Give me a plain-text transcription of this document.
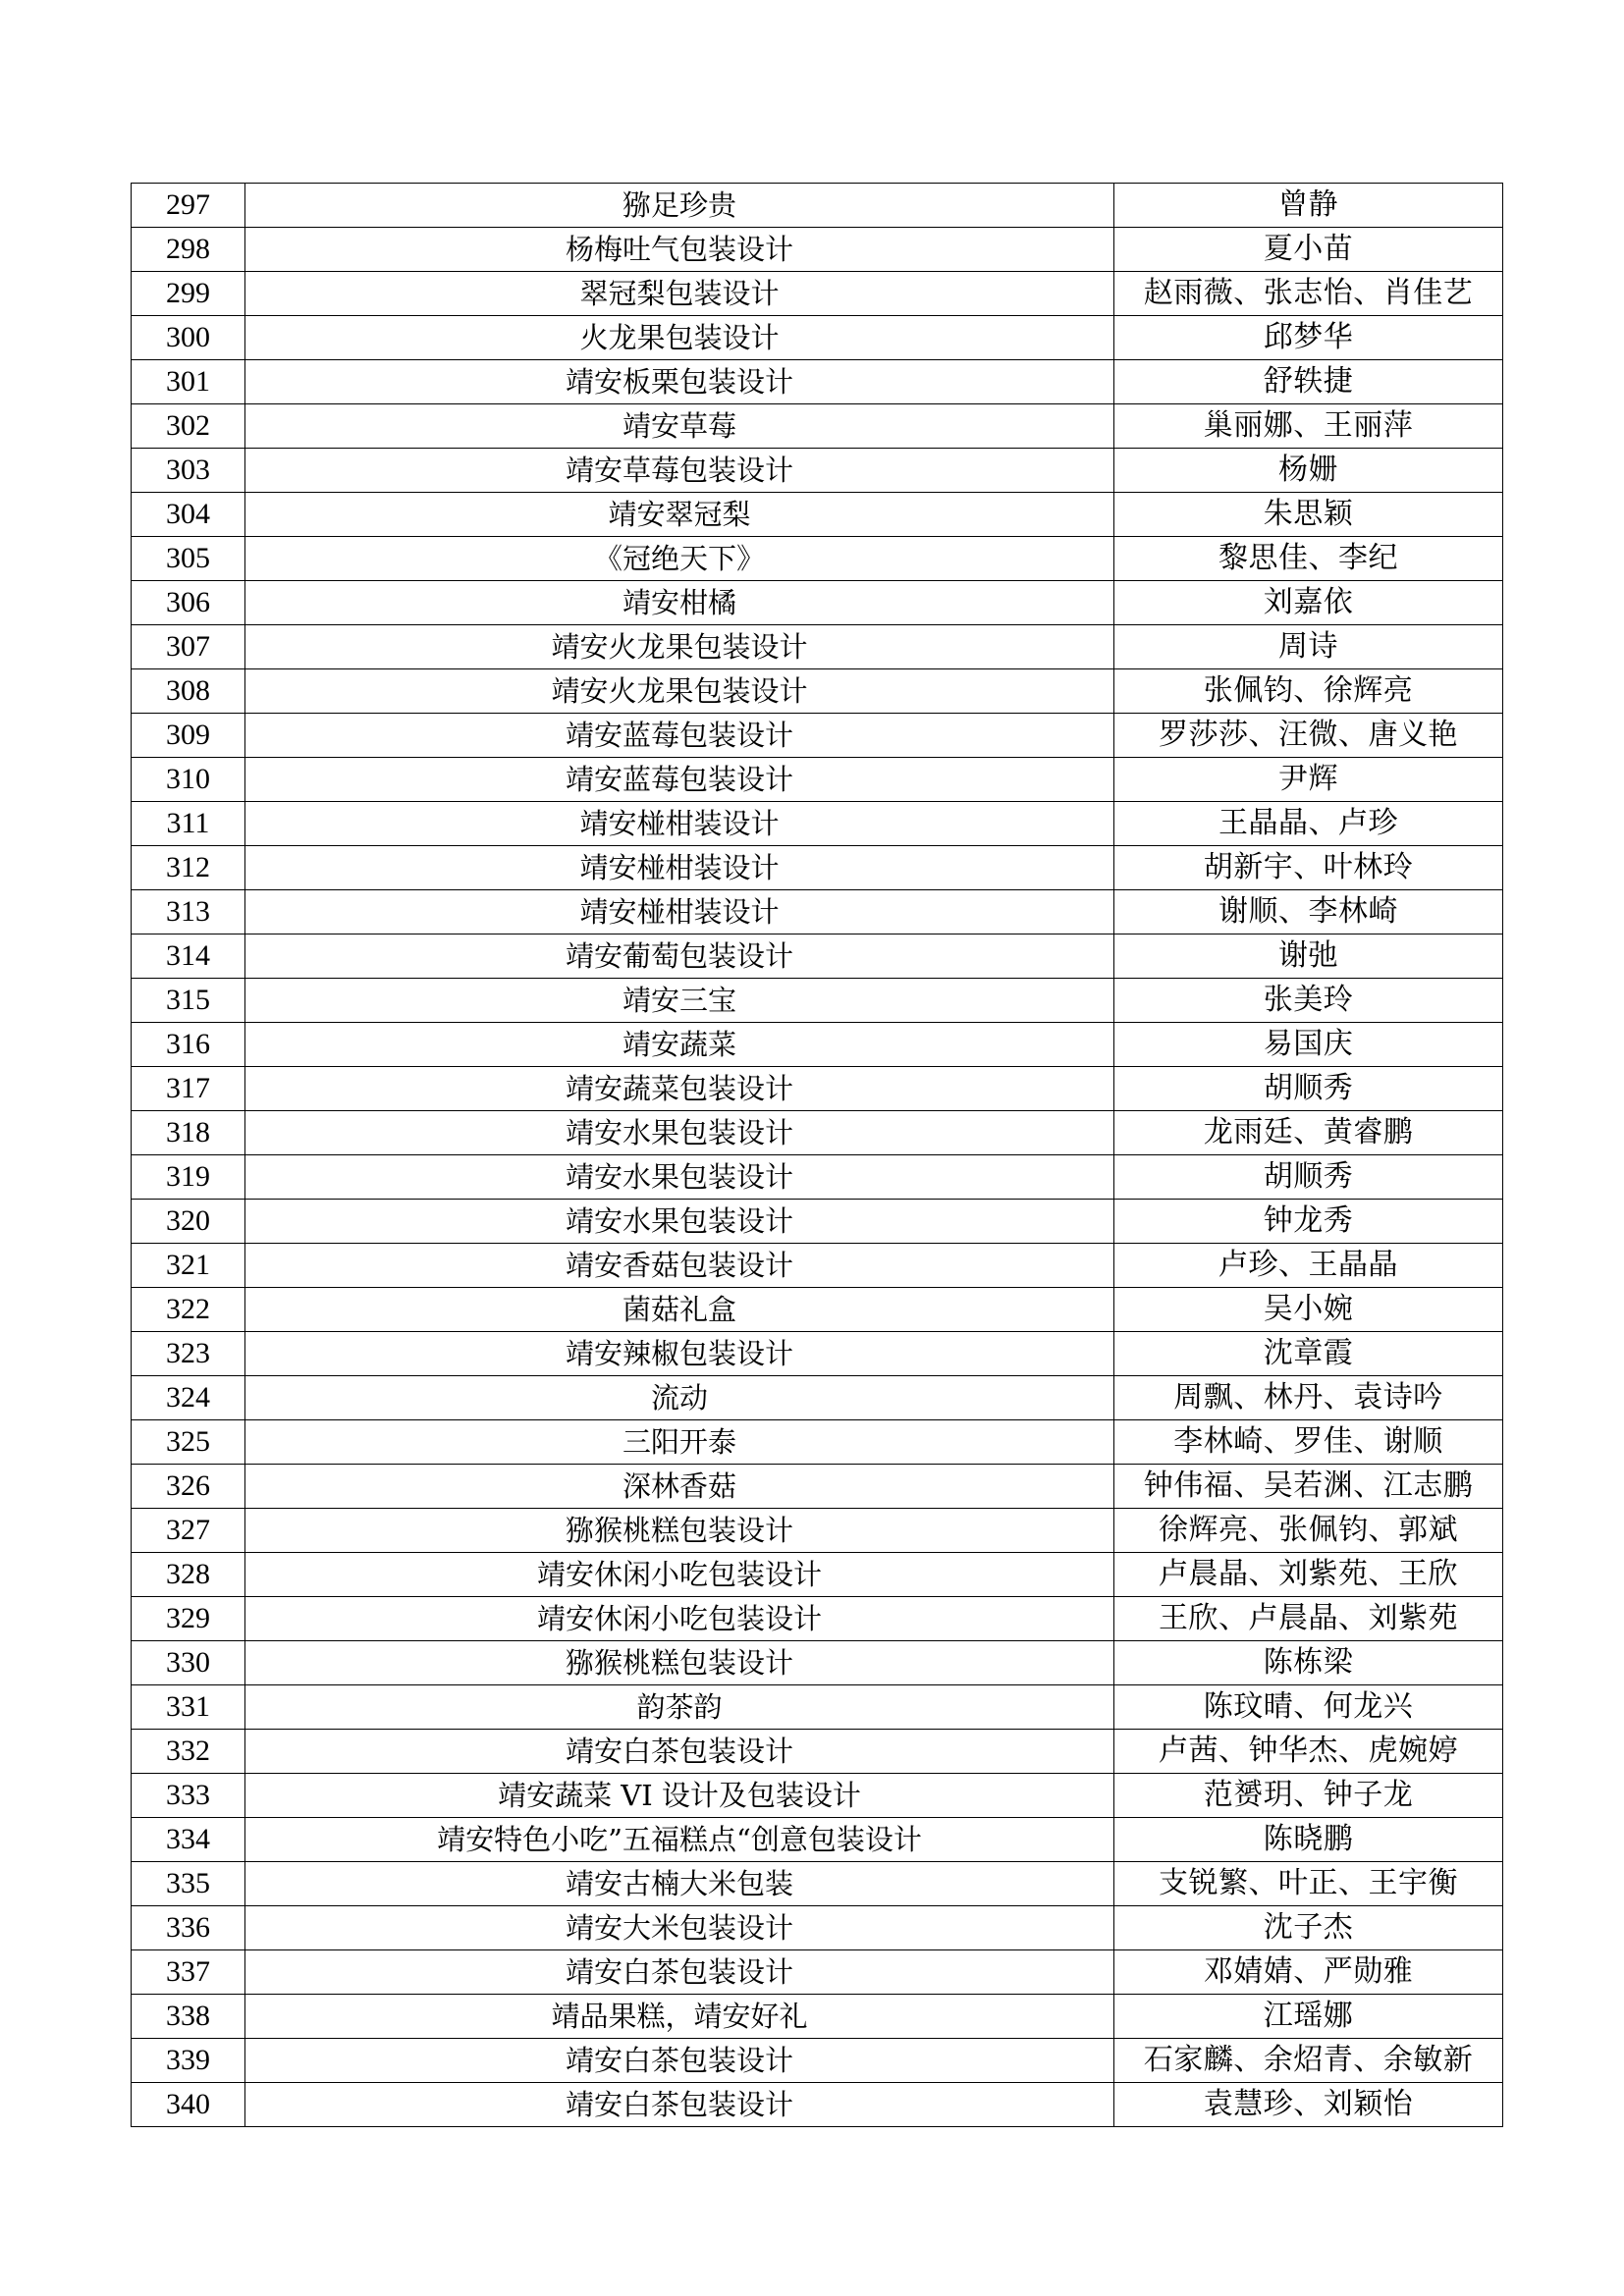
297	猕足珍贵	曾静
298	杨梅吐气包装设计	夏小苗
299	翠冠梨包装设计	赵雨薇、张志怡、肖佳艺
300	火龙果包装设计	邱梦华
301	靖安板栗包装设计	舒轶捷
302	靖安草莓	巢丽娜、王丽萍
303	靖安草莓包装设计	杨姗
304	靖安翠冠梨	朱思颖
305	《冠绝天下》	黎思佳、李纪
306	靖安柑橘	刘嘉依
307	靖安火龙果包装设计	周诗
308	靖安火龙果包装设计	张佩钧、徐辉亮
309	靖安蓝莓包装设计	罗莎莎、汪微、唐义艳
310	靖安蓝莓包装设计	尹辉
311	靖安椪柑装设计	王晶晶、卢珍
312	靖安椪柑装设计	胡新宇、叶林玲
313	靖安椪柑装设计	谢顺、李林崎
314	靖安葡萄包装设计	谢弛
315	靖安三宝	张美玲
316	靖安蔬菜	易国庆
317	靖安蔬菜包装设计	胡顺秀
318	靖安水果包装设计	龙雨廷、黄睿鹏
319	靖安水果包装设计	胡顺秀
320	靖安水果包装设计	钟龙秀
321	靖安香菇包装设计	卢珍、王晶晶
322	菌菇礼盒	吴小婉
323	靖安辣椒包装设计	沈章霞
324	流动	周飘、林丹、袁诗吟
325	三阳开泰	李林崎、罗佳、谢顺
326	深林香菇	钟伟福、吴若渊、江志鹏
327	猕猴桃糕包装设计	徐辉亮、张佩钧、郭斌
328	靖安休闲小吃包装设计	卢晨晶、刘紫苑、王欣
329	靖安休闲小吃包装设计	王欣、卢晨晶、刘紫苑
330	猕猴桃糕包装设计	陈栋梁
331	韵茶韵	陈玟晴、何龙兴
332	靖安白茶包装设计	卢茜、钟华杰、虎婉婷
333	靖安蔬菜 VI 设计及包装设计	范赟玥、钟子龙
334	靖安特色小吃”五福糕点“创意包装设计	陈晓鹏
335	靖安古楠大米包装	支锐繁、叶正、王宇衡
336	靖安大米包装设计	沈子杰
337	靖安白茶包装设计	邓婧婧、严勋雅
338	靖品果糕，靖安好礼	江瑶娜
339	靖安白茶包装设计	石家麟、余炤青、余敏新
340	靖安白茶包装设计	袁慧珍、刘颖怡
